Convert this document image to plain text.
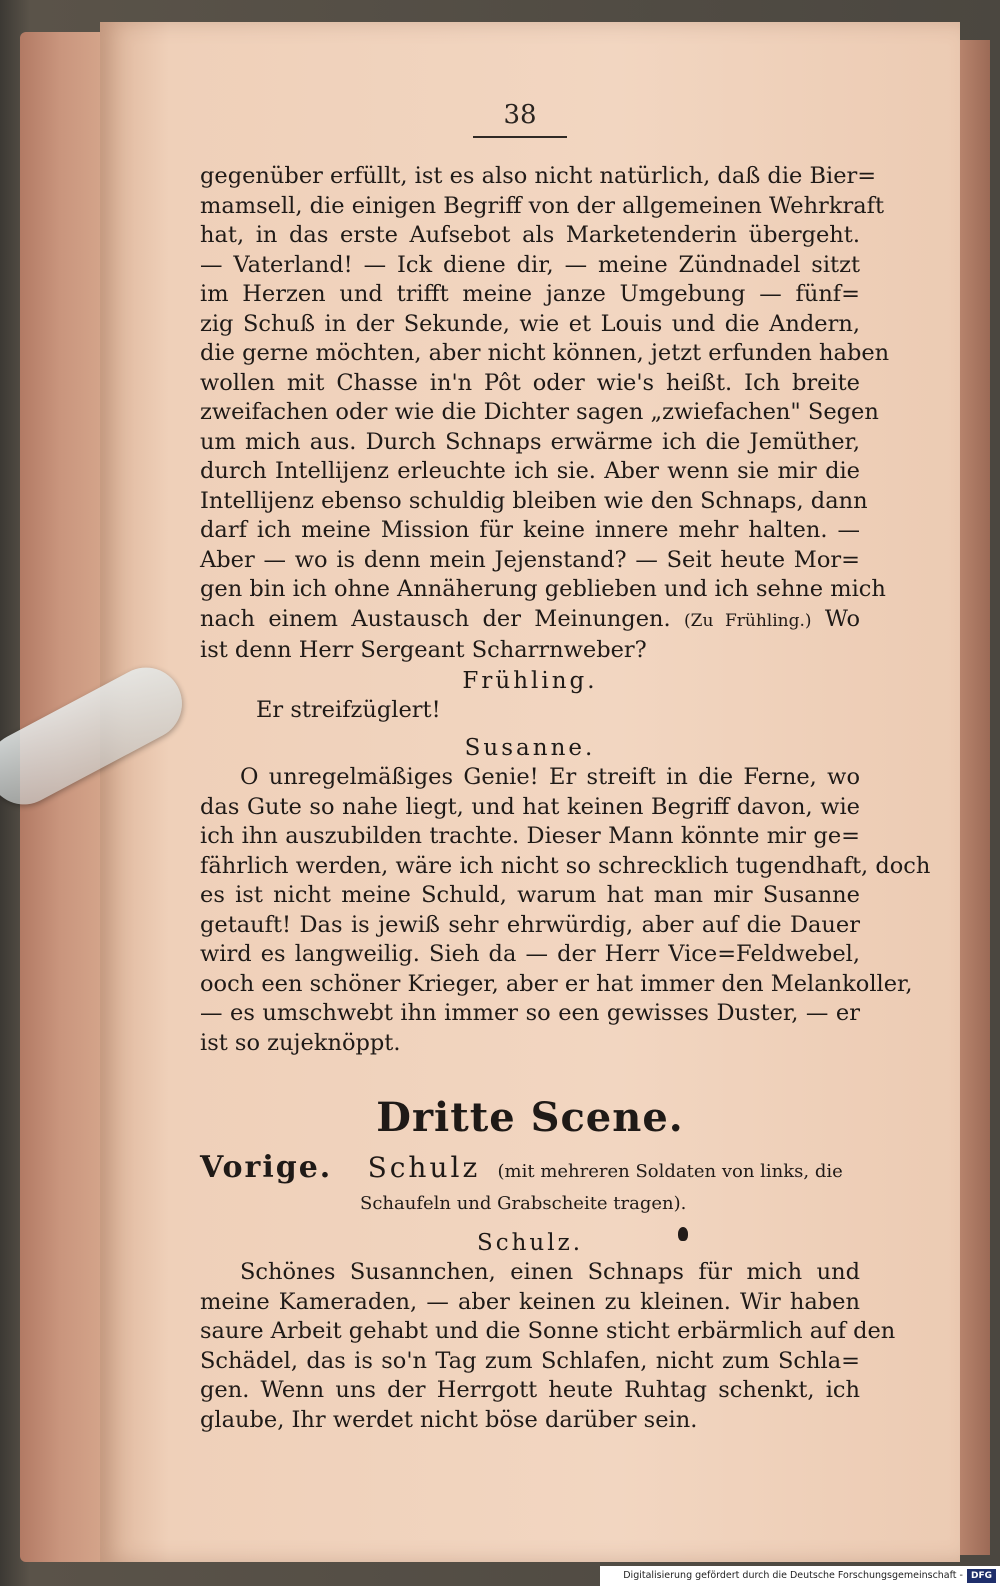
38
gegenüber erfüllt, ist es also nicht natürlich, daß die Bier=
mamsell, die einigen Begriff von der allgemeinen Wehrkraft
hat, in das erste Aufsebot als Marketenderin übergeht.
— Vaterland! — Ick diene dir, — meine Zündnadel sitzt
im Herzen und trifft meine janze Umgebung — fünf=
zig Schuß in der Sekunde, wie et Louis und die Andern,
die gerne möchten, aber nicht können, jetzt erfunden haben
wollen mit Chasse in'n Pôt oder wie's heißt. Ich breite
zweifachen oder wie die Dichter sagen „zwiefachen" Segen
um mich aus. Durch Schnaps erwärme ich die Jemüther,
durch Intellijenz erleuchte ich sie. Aber wenn sie mir die
Intellijenz ebenso schuldig bleiben wie den Schnaps, dann
darf ich meine Mission für keine innere mehr halten. —
Aber — wo is denn mein Jejenstand? — Seit heute Mor=
gen bin ich ohne Annäherung geblieben und ich sehne mich
nach einem Austausch der Meinungen. (Zu Frühling.) Wo
ist denn Herr Sergeant Scharrnweber?
Frühling.
Er streifzüglert!
Susanne.
O unregelmäßiges Genie! Er streift in die Ferne, wo
das Gute so nahe liegt, und hat keinen Begriff davon, wie
ich ihn auszubilden trachte. Dieser Mann könnte mir ge=
fährlich werden, wäre ich nicht so schrecklich tugendhaft, doch
es ist nicht meine Schuld, warum hat man mir Susanne
getauft! Das is jewiß sehr ehrwürdig, aber auf die Dauer
wird es langweilig. Sieh da — der Herr Vice=Feldwebel,
ooch een schöner Krieger, aber er hat immer den Melankoller,
— es umschwebt ihn immer so een gewisses Duster, — er
ist so zujeknöppt.
Dritte Scene.
Vorige. Schulz (mit mehreren Soldaten von links, die
Schaufeln und Grabscheite tragen).
Schulz.
Schönes Susannchen, einen Schnaps für mich und
meine Kameraden, — aber keinen zu kleinen. Wir haben
saure Arbeit gehabt und die Sonne sticht erbärmlich auf den
Schädel, das is so'n Tag zum Schlafen, nicht zum Schla=
gen. Wenn uns der Herrgott heute Ruhtag schenkt, ich
glaube, Ihr werdet nicht böse darüber sein.
Digitalisierung gefördert durch die Deutsche Forschungsgemeinschaft - DFG
